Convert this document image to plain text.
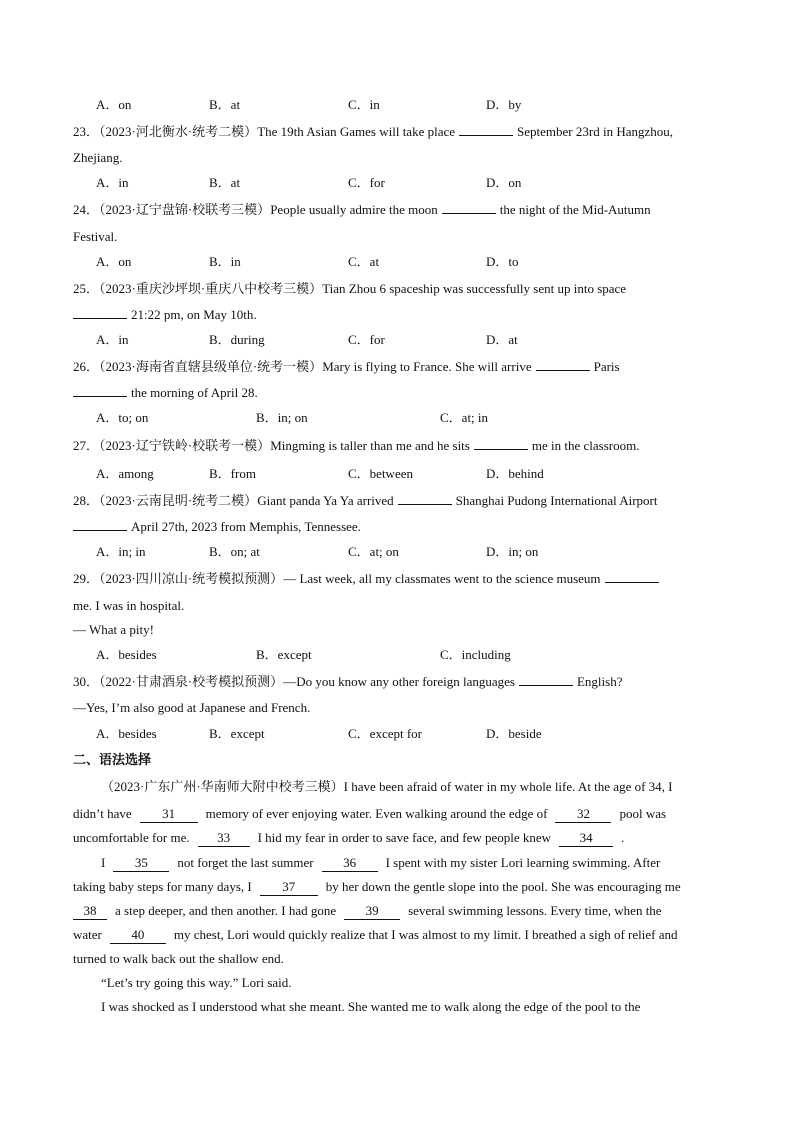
A．on	B．at	C．in	D．by
23．（2023·河北衡水·统考二模）The 19th Asian Games will take place	September 23rd in Hangzhou,
Zhejiang.
A．in	B．at	C．for	D．on
24．（2023·辽宁盘锦·校联考三模）People usually admire the moon	the night of the Mid-Autumn
Festival.
A．on	B．in	C．at	D．to
25．（2023·重庆沙坪坝·重庆八中校考三模）Tian Zhou 6 spaceship was successfully sent up into space
21:22 pm, on May 10th.
A．in	B．during	C．for	D．at
26．（2023·海南省直辖县级单位·统考一模）Mary is flying to France. She will arrive	Paris
the morning of April 28.
A．to; on	B．in; on	C．at; in
27．（2023·辽宁铁岭·校联考一模）Mingming is taller than me and he sits	me in the classroom.
A．among	B．from	C．between	D．behind
28．（2023·云南昆明·统考二模）Giant panda Ya Ya arrived	Shanghai Pudong International Airport
April 27th, 2023 from Memphis, Tennessee.
A．in; in	B．on; at	C．at; on	D．in; on
29．（2023·四川凉山·统考模拟预测）— Last week, all my classmates went to the science museum
me. I was in hospital.
— What a pity!
A．besides	B．except	C．including
30．（2022·甘肃酒泉·校考模拟预测）—Do you know any other foreign languages	English?
—Yes, I’m also good at Japanese and French.
A．besides	B．except	C．except for	D．beside
二、语法选择
（2023·广东广州·华南师大附中校考三模）I have been afraid of water in my whole life. At the age of 34, I
didn’t have 31 memory of ever enjoying water. Even walking around the edge of 32 pool was
uncomfortable for me. 33 I hid my fear in order to save face, and few people knew 34 .
I 35 not forget the last summer 36 I spent with my sister Lori learning swimming. After
taking baby steps for many days, I 37 by her down the gentle slope into the pool. She was encouraging me
38 a step deeper, and then another. I had gone 39 several swimming lessons. Every time, when the
water 40 my chest, Lori would quickly realize that I was almost to my limit. I breathed a sigh of relief and
turned to walk back out the shallow end.
“Let’s try going this way.” Lori said.
I was shocked as I understood what she meant. She wanted me to walk along the edge of the pool to the
